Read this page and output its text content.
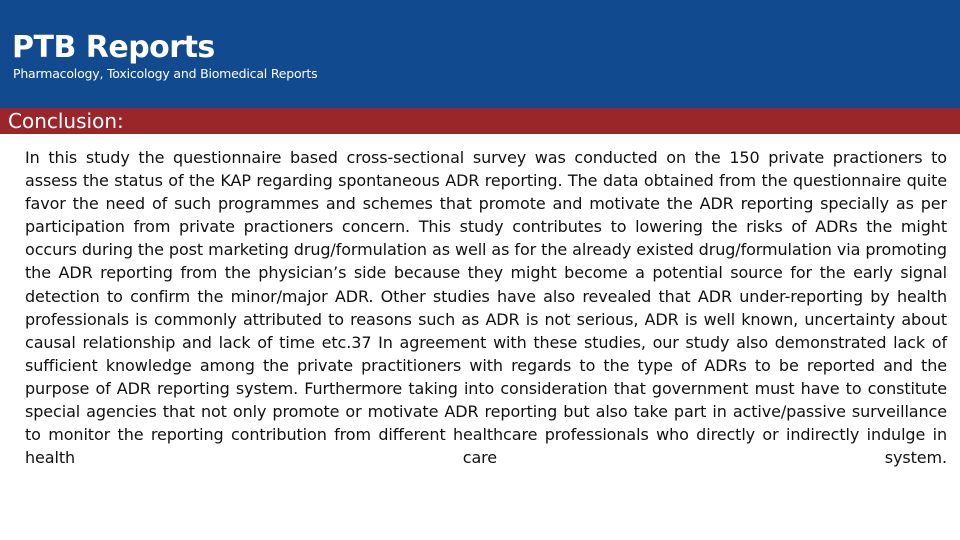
PTB Reports
Pharmacology, Toxicology and Biomedical Reports
Conclusion:

In this study the questionnaire based cross-sectional survey was conducted on the 150 private practioners to assess the status of the KAP regarding spontaneous ADR reporting. The data obtained from the questionnaire quite favor the need of such programmes and schemes that promote and motivate the ADR reporting specially as per participation from private practioners concern. This study contributes to lowering the risks of ADRs the might occurs during the post marketing drug/formulation as well as for the already existed drug/formulation via promoting the ADR reporting from the physician’s side because they might become a potential source for the early signal detection to confirm the minor/major ADR. Other studies have also revealed that ADR under-reporting by health professionals is commonly attributed to reasons such as ADR is not serious, ADR is well known, uncertainty about causal relationship and lack of time etc.37 In agreement with these studies, our study also demonstrated lack of sufficient knowledge among the private practitioners with regards to the type of ADRs to be reported and the purpose of ADR reporting system. Furthermore taking into consideration that government must have to constitute special agencies that not only promote or motivate ADR reporting but also take part in active/passive surveillance to monitor the reporting contribution from different healthcare professionals who directly or indirectly indulge in health care system.
